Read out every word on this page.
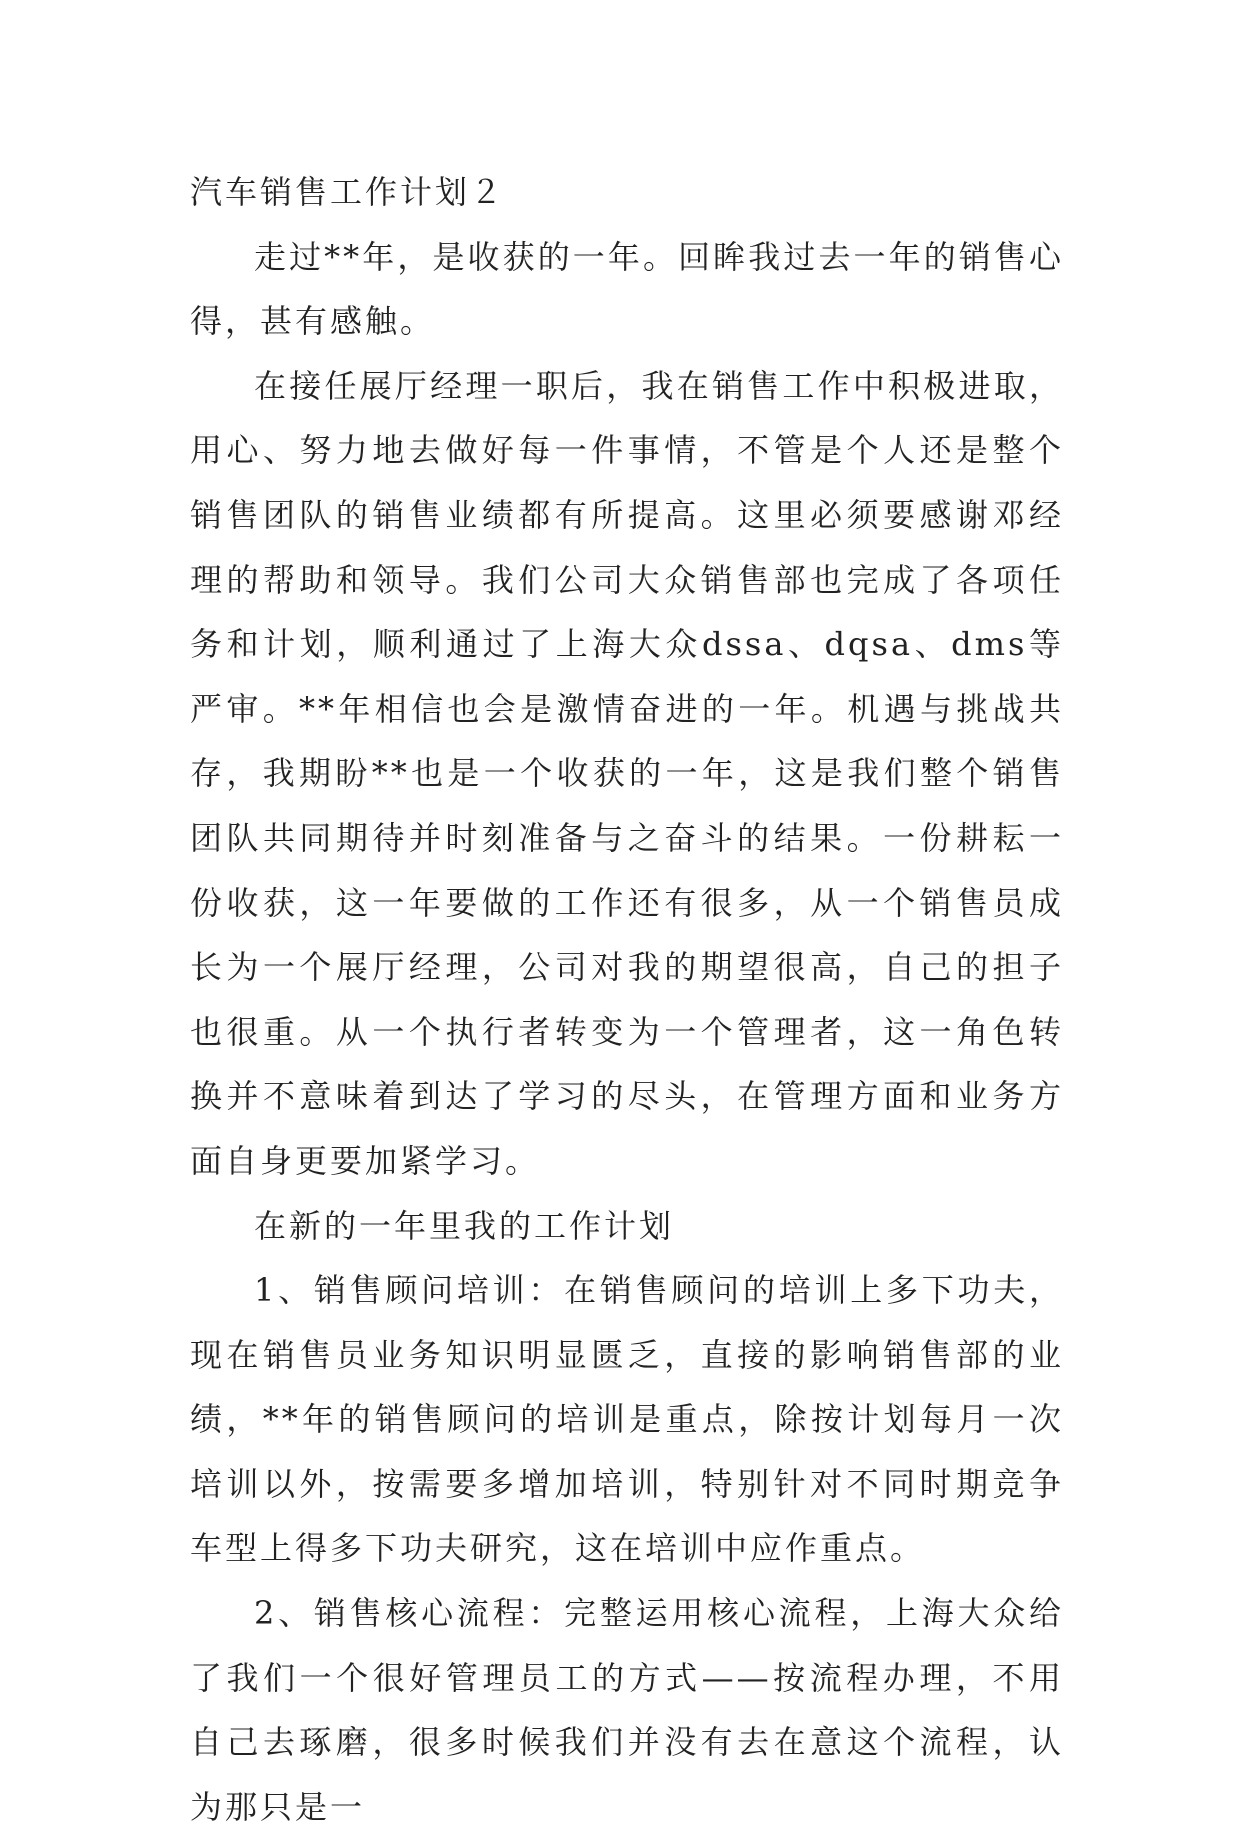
汽车销售工作计划２

走过**年，是收获的一年。回眸我过去一年的销售心得，甚有感触。

在接任展厅经理一职后，我在销售工作中积极进取，用心、努力地去做好每一件事情，不管是个人还是整个销售团队的销售业绩都有所提高。这里必须要感谢邓经理的帮助和领导。我们公司大众销售部也完成了各项任务和计划，顺利通过了上海大众dssa、dqsa、dms等严审。**年相信也会是激情奋进的一年。机遇与挑战共存，我期盼**也是一个收获的一年，这是我们整个销售团队共同期待并时刻准备与之奋斗的结果。一份耕耘一份收获，这一年要做的工作还有很多，从一个销售员成长为一个展厅经理，公司对我的期望很高，自己的担子也很重。从一个执行者转变为一个管理者，这一角色转换并不意味着到达了学习的尽头，在管理方面和业务方面自身更要加紧学习。

在新的一年里我的工作计划

1、销售顾问培训：在销售顾问的培训上多下功夫，现在销售员业务知识明显匮乏，直接的影响销售部的业绩，**年的销售顾问的培训是重点，除按计划每月一次培训以外，按需要多增加培训，特别针对不同时期竞争车型上得多下功夫研究，这在培训中应作重点。

2、销售核心流程：完整运用核心流程，上海大众给了我们一个很好管理员工的方式——按流程办理，不用自己去琢磨，很多时候我们并没有去在意这个流程，认为那只是一
